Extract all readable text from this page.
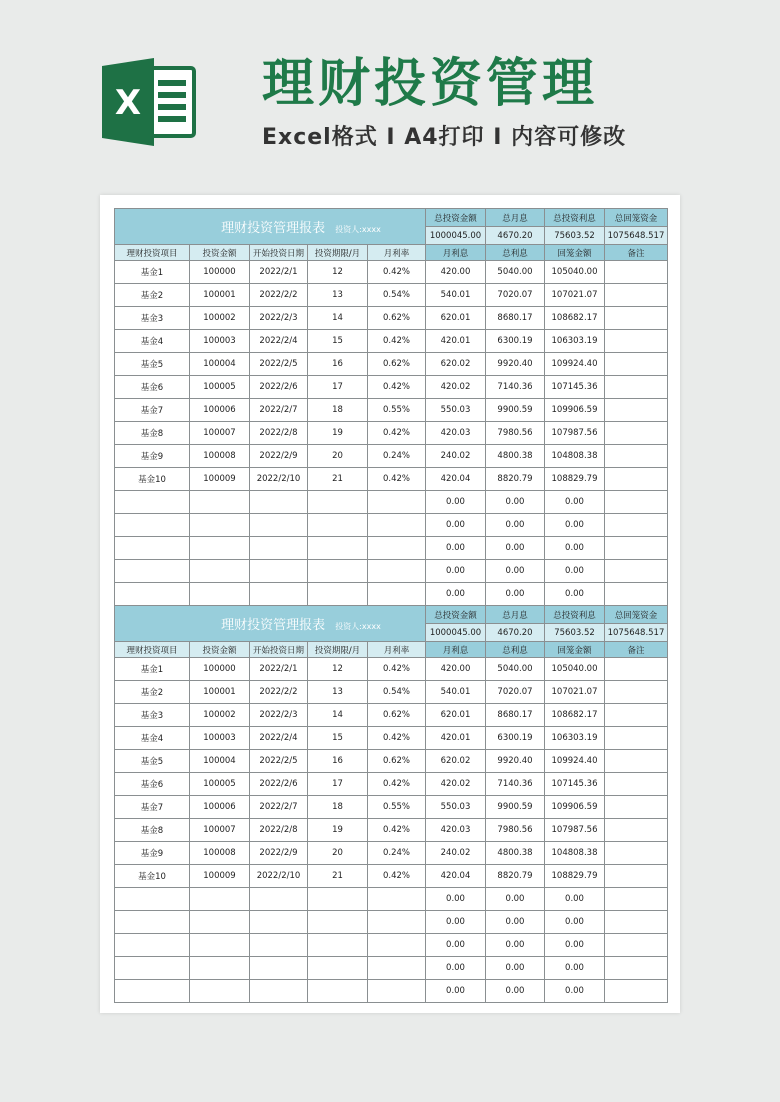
X 理财投资管理
Excel格式 I A4打印 I 内容可修改
理财投资管理报表 投资人:xxxx					总投资金额	总月息	总投资利息	总回笼资金
					1000045.00	4670.20	75603.52	1075648.517
理财投资项目	投资金额	开始投资日期	投资期限/月	月利率	月利息	总利息	回笼金额	备注
基金1	100000	2022/2/1	12	0.42%	420.00	5040.00	105040.00	
基金2	100001	2022/2/2	13	0.54%	540.01	7020.07	107021.07	
基金3	100002	2022/2/3	14	0.62%	620.01	8680.17	108682.17	
基金4	100003	2022/2/4	15	0.42%	420.01	6300.19	106303.19	
基金5	100004	2022/2/5	16	0.62%	620.02	9920.40	109924.40	
基金6	100005	2022/2/6	17	0.42%	420.02	7140.36	107145.36	
基金7	100006	2022/2/7	18	0.55%	550.03	9900.59	109906.59	
基金8	100007	2022/2/8	19	0.42%	420.03	7980.56	107987.56	
基金9	100008	2022/2/9	20	0.24%	240.02	4800.38	104808.38	
基金10	100009	2022/2/10	21	0.42%	420.04	8820.79	108829.79	
					0.00	0.00	0.00	
					0.00	0.00	0.00	
					0.00	0.00	0.00	
					0.00	0.00	0.00	
					0.00	0.00	0.00	
理财投资管理报表 投资人:xxxx					总投资金额	总月息	总投资利息	总回笼资金
					1000045.00	4670.20	75603.52	1075648.517
理财投资项目	投资金额	开始投资日期	投资期限/月	月利率	月利息	总利息	回笼金额	备注
基金1	100000	2022/2/1	12	0.42%	420.00	5040.00	105040.00	
基金2	100001	2022/2/2	13	0.54%	540.01	7020.07	107021.07	
基金3	100002	2022/2/3	14	0.62%	620.01	8680.17	108682.17	
基金4	100003	2022/2/4	15	0.42%	420.01	6300.19	106303.19	
基金5	100004	2022/2/5	16	0.62%	620.02	9920.40	109924.40	
基金6	100005	2022/2/6	17	0.42%	420.02	7140.36	107145.36	
基金7	100006	2022/2/7	18	0.55%	550.03	9900.59	109906.59	
基金8	100007	2022/2/8	19	0.42%	420.03	7980.56	107987.56	
基金9	100008	2022/2/9	20	0.24%	240.02	4800.38	104808.38	
基金10	100009	2022/2/10	21	0.42%	420.04	8820.79	108829.79	
					0.00	0.00	0.00	
					0.00	0.00	0.00	
					0.00	0.00	0.00	
					0.00	0.00	0.00	
					0.00	0.00	0.00	
